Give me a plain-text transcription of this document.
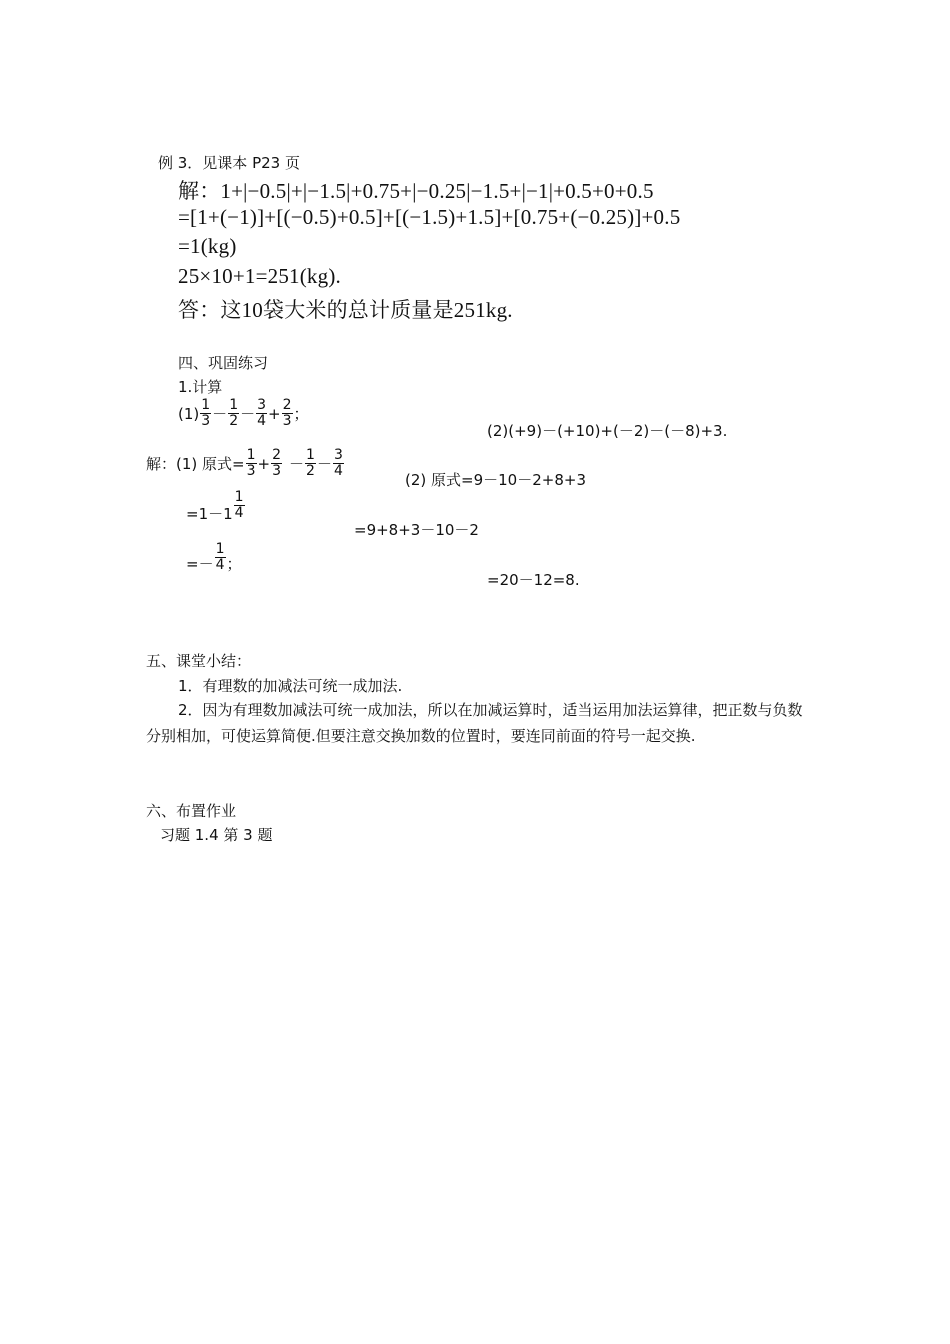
例 3．见课本 P23 页
解：1+|−0.5|+|−1.5|+0.75+|−0.25|−1.5+|−1|+0.5+0+0.5
=[1+(−1)]+[(−0.5)+0.5]+[(−1.5)+1.5]+[0.75+(−0.25)]+0.5
=1(kg)
25×10+1=251(kg).
答：这10袋大米的总计质量是251kg.
四、巩固练习
1.计算
$(1) \frac{1}{3} - \frac{1}{2} - \frac{3}{4} + \frac{2}{3}$ ；
(2)(+9)－(+10)+(－2)－(－8)+3.
解：(1) 原式= $\frac{1}{3} + \frac{2}{3} - \frac{1}{2} - \frac{3}{4}$
$=1-1 \frac{1}{4}$
=－ $\frac{1}{4}$ ；
(2) 原式=9－10－2+8+3
=9+8+3－10－2
=20－12=8.
五、课堂小结：
1．有理数的加减法可统一成加法.
2．因为有理数加减法可统一成加法，所以在加减运算时，适当运用加法运算律，把正数与负数分别相加，可使运算简便.但要注意交换加数的位置时，要连同前面的符号一起交换.
六、布置作业
习题 1.4 第 3 题
